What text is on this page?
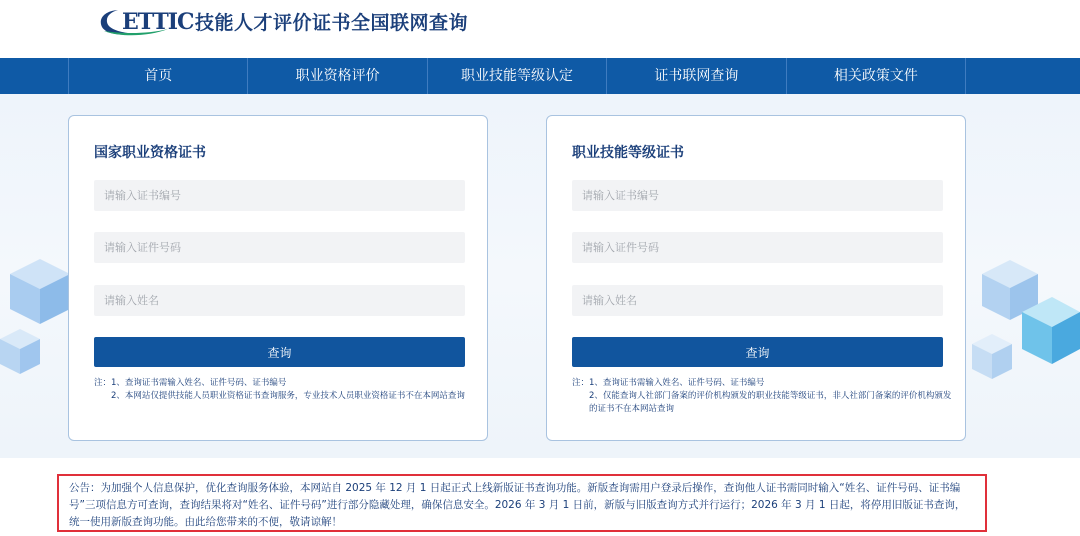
ETTIC 技能人才评价证书全国联网查询
首页	职业资格评价	职业技能等级认定	证书联网查询	相关政策文件
国家职业资格证书
请输入证书编号
请输入证件号码
请输入姓名
查询
注：1、查询证书需输入姓名、证件号码、证书编号
2、本网站仅提供技能人员职业资格证书查询服务，专业技术人员职业资格证书不在本网站查询
职业技能等级证书
请输入证书编号
请输入证件号码
请输入姓名
查询
注：1、查询证书需输入姓名、证件号码、证书编号
2、仅能查询人社部门备案的评价机构颁发的职业技能等级证书，非人社部门备案的评价机构颁发的证书不在本网站查询

公告：为加强个人信息保护，优化查询服务体验，本网站自 2025 年 12 月 1 日起正式上线新版证书查询功能。新版查询需用户登录后操作，查询他人证书需同时输入“姓名、证件号码、证书编号”三项信息方可查询，查询结果将对“姓名、证件号码”进行部分隐藏处理，确保信息安全。2026 年 3 月 1 日前，新版与旧版查询方式并行运行；2026 年 3 月 1 日起，将停用旧版证书查询，统一使用新版查询功能。由此给您带来的不便，敬请谅解！
